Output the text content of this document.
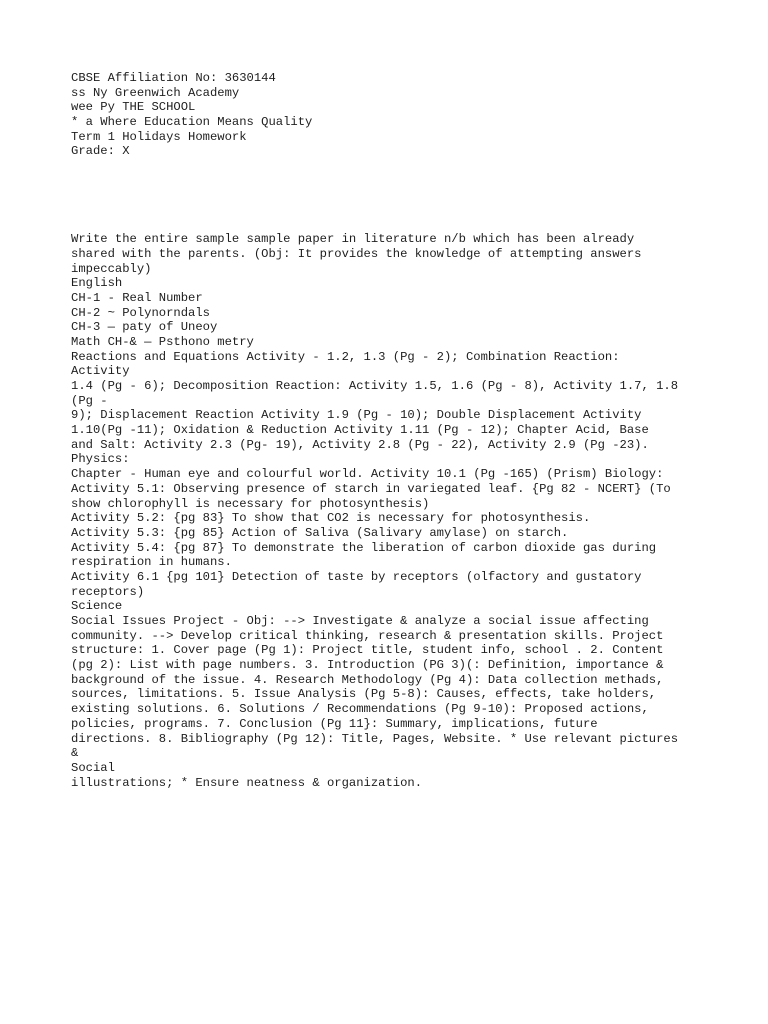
CBSE Affiliation No: 3630144

ss Ny Greenwich Academy

wee Py THE SCHOOL

* a Where Education Means Quality

Term 1 Holidays Homework

Grade: X

Write the entire sample sample paper in literature n/b which has been already

shared with the parents. (Obj: It provides the knowledge of attempting answers

impeccably)

English

CH-1 - Real Number

CH-2 ~ Polynorndals

CH-3 — paty of Uneoy

Math CH-& — Psthono metry

Reactions and Equations Activity - 1.2, 1.3 (Pg - 2); Combination Reaction:

Activity

1.4 (Pg - 6); Decomposition Reaction: Activity 1.5, 1.6 (Pg - 8), Activity 1.7, 1.8

(Pg -

9); Displacement Reaction Activity 1.9 (Pg - 10); Double Displacement Activity

1.10(Pg -11); Oxidation & Reduction Activity 1.11 (Pg - 12); Chapter Acid, Base

and Salt: Activity 2.3 (Pg- 19), Activity 2.8 (Pg - 22), Activity 2.9 (Pg -23).

Physics:

Chapter - Human eye and colourful world. Activity 10.1 (Pg -165) (Prism) Biology:

Activity 5.1: Observing presence of starch in variegated leaf. {Pg 82 - NCERT} (To

show chlorophyll is necessary for photosynthesis)

Activity 5.2: {pg 83} To show that CO2 is necessary for photosynthesis.

Activity 5.3: {pg 85} Action of Saliva (Salivary amylase) on starch.

Activity 5.4: {pg 87} To demonstrate the liberation of carbon dioxide gas during

respiration in humans.

Activity 6.1 {pg 101} Detection of taste by receptors (olfactory and gustatory

receptors)

Science

Social Issues Project - Obj: --> Investigate & analyze a social issue affecting

community. --> Develop critical thinking, research & presentation skills. Project

structure: 1. Cover page (Pg 1): Project title, student info, school . 2. Content

(pg 2): List with page numbers. 3. Introduction (PG 3)(: Definition, importance &

background of the issue. 4. Research Methodology (Pg 4): Data collection methads,

sources, limitations. 5. Issue Analysis (Pg 5-8): Causes, effects, take holders,

existing solutions. 6. Solutions / Recommendations (Pg 9-10): Proposed actions,

policies, programs. 7. Conclusion (Pg 11}: Summary, implications, future

directions. 8. Bibliography (Pg 12): Title, Pages, Website. * Use relevant pictures

&

Social

illustrations; * Ensure neatness & organization.
